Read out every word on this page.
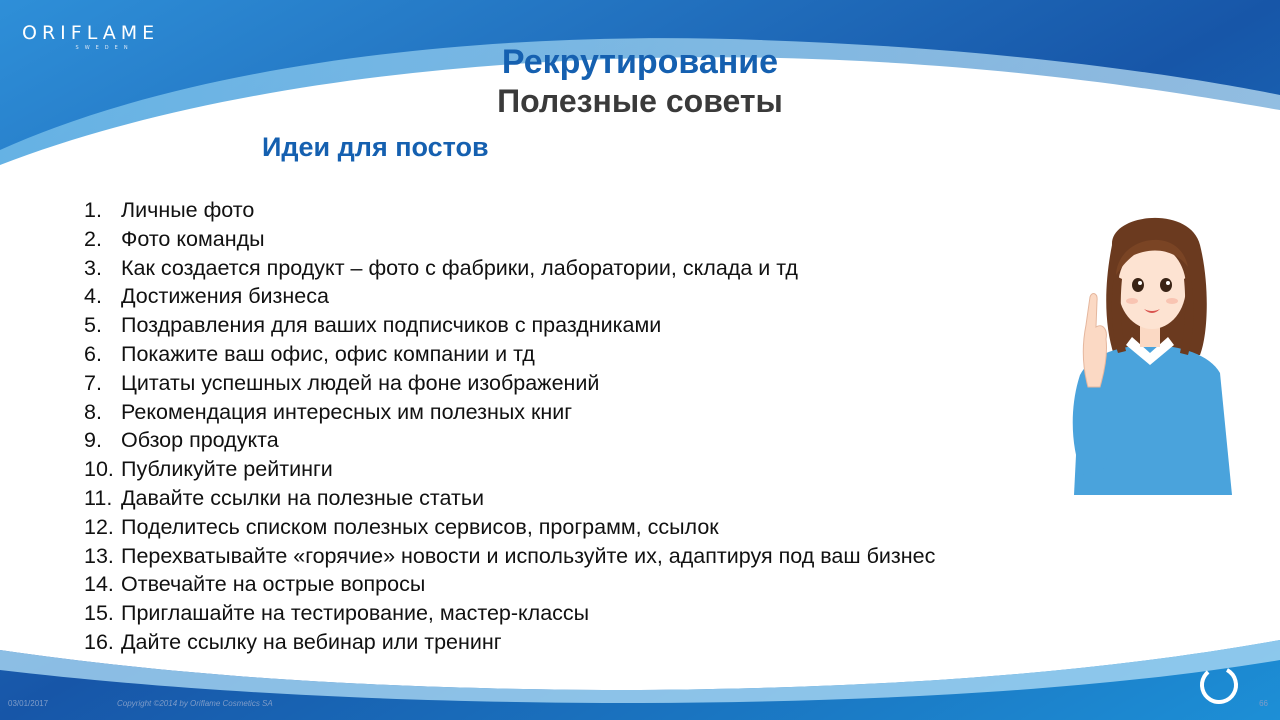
ORIFLAME
SWEDEN	Рекрутирование
Полезные советы
Идеи для постов
1. Личные фото
2. Фото команды
3. Как создается продукт – фото с фабрики, лаборатории, склада и тд
4. Достижения бизнеса
5. Поздравления для ваших подписчиков с праздниками
6. Покажите ваш офис, офис компании и тд
7. Цитаты успешных людей на фоне изображений
8. Рекомендация интересных им полезных книг
9. Обзор продукта
10. Публикуйте рейтинги
11. Давайте ссылки на полезные статьи
12. Поделитесь списком полезных сервисов, программ, ссылок
13. Перехватывайте «горячие» новости и используйте их, адаптируя под ваш бизнес
14. Отвечайте на острые вопросы
15. Приглашайте на тестирование, мастер-классы
16. Дайте ссылку на вебинар или тренинг
03/01/2017	Copyright ©2014 by Oriflame Cosmetics SA	66
